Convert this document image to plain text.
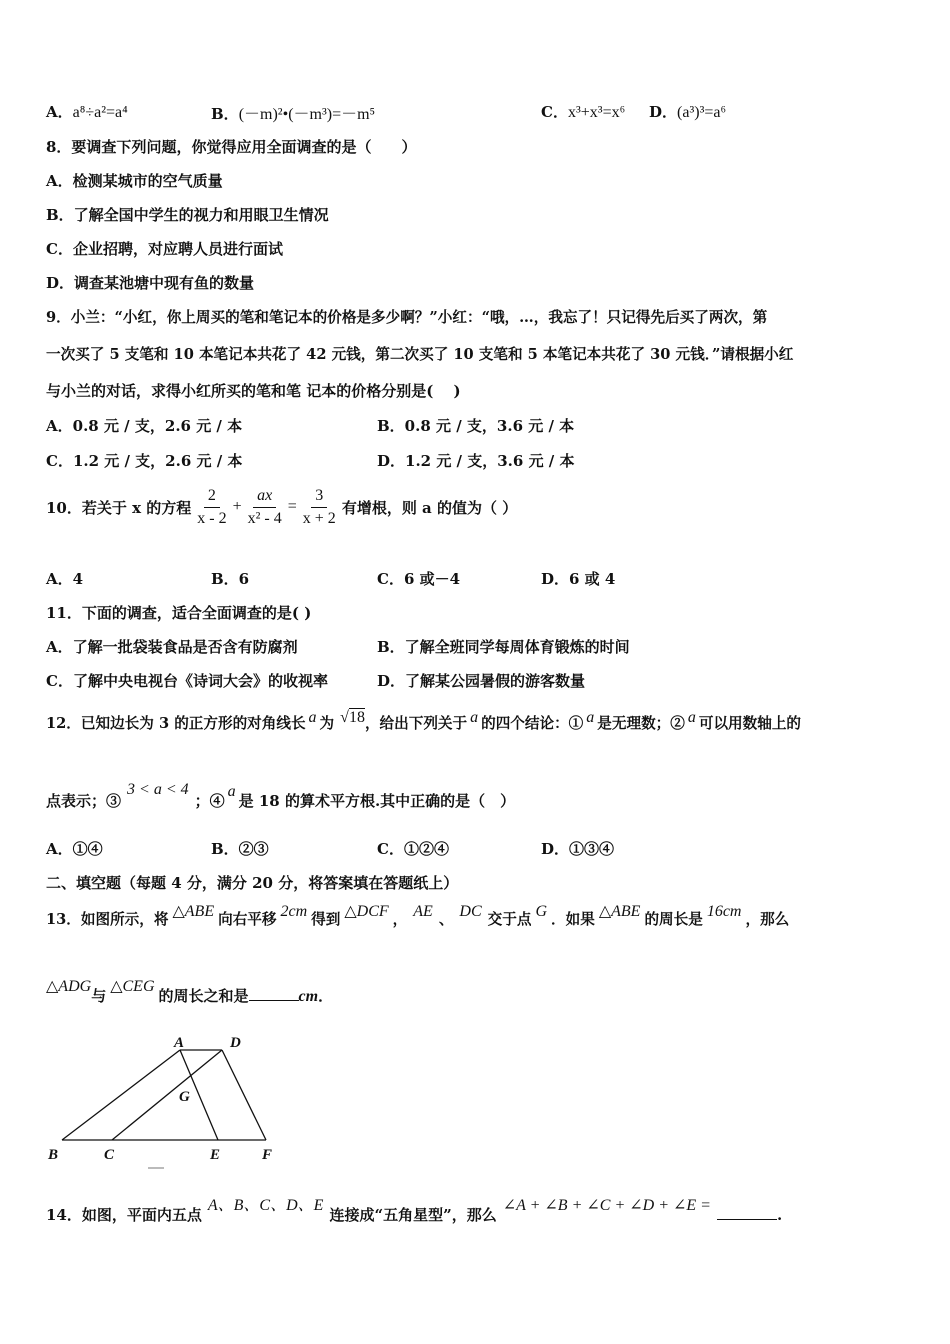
A．a⁸÷a²=a⁴	B．(－m)²•(－m³)=－m⁵	C．x³+x³=x⁶ D．(a³)³=a⁶
8．要调查下列问题，你觉得应用全面调查的是（　　）
A．检测某城市的空气质量
B．了解全国中学生的视力和用眼卫生情况
C．企业招聘，对应聘人员进行面试
D．调查某池塘中现有鱼的数量
9．小兰：“小红，你上周买的笔和笔记本的价格是多少啊？”小红：“哦，…，我忘了！只记得先后买了两次，第
一次买了 5 支笔和 10 本笔记本共花了 42 元钱，第二次买了 10 支笔和 5 本笔记本共花了 30 元钱．”请根据小红
与小兰的对话，求得小红所买的笔和笔 记本的价格分别是(　 )
A．0.8 元 / 支，2.6 元 / 本	B．0.8 元 / 支，3.6 元 / 本
C．1.2 元 / 支，2.6 元 / 本	D．1.2 元 / 支，3.6 元 / 本
10．若关于 x 的方程 $\frac{2}{x - 2} + \frac{ax}{\text{x² - 4}} = \frac{3}{x + 2}$ 有增根，则 a 的值为（ ）
A．4	B．6	C．6 或－4	D．6 或 4
11．下面的调查，适合全面调查的是( )
A．了解一批袋装食品是否含有防腐剂	B．了解全班同学每周体育锻炼的时间
C．了解中央电视台《诗词大会》的收视率	D．了解某公园暑假的游客数量
12．已知边长为 3 的正方形的对角线长 a 为 √18，给出下列关于 a 的四个结论：① a 是无理数；② a 可以用数轴上的
点表示；③3 < a < 4；④a是 18 的算术平方根.其中正确的是（　）
A．①④	B．②③	C．①②④	D．①③④
二、填空题（每题 4 分，满分 20 分，将答案填在答题纸上）
13．如图所示，将 △ABE 向右平移 2cm 得到 △DCF ， AE 、 DC 交于点 G ．如果 △ABE 的周长是 16cm ，那么
△ADG与△CEG的周长之和是	cm．
A	D
G
B	C	E	F
14．如图，平面内五点A、B、C、D、E连接成“五角星型”，那么∠A + ∠B + ∠C + ∠D + ∠E =.
